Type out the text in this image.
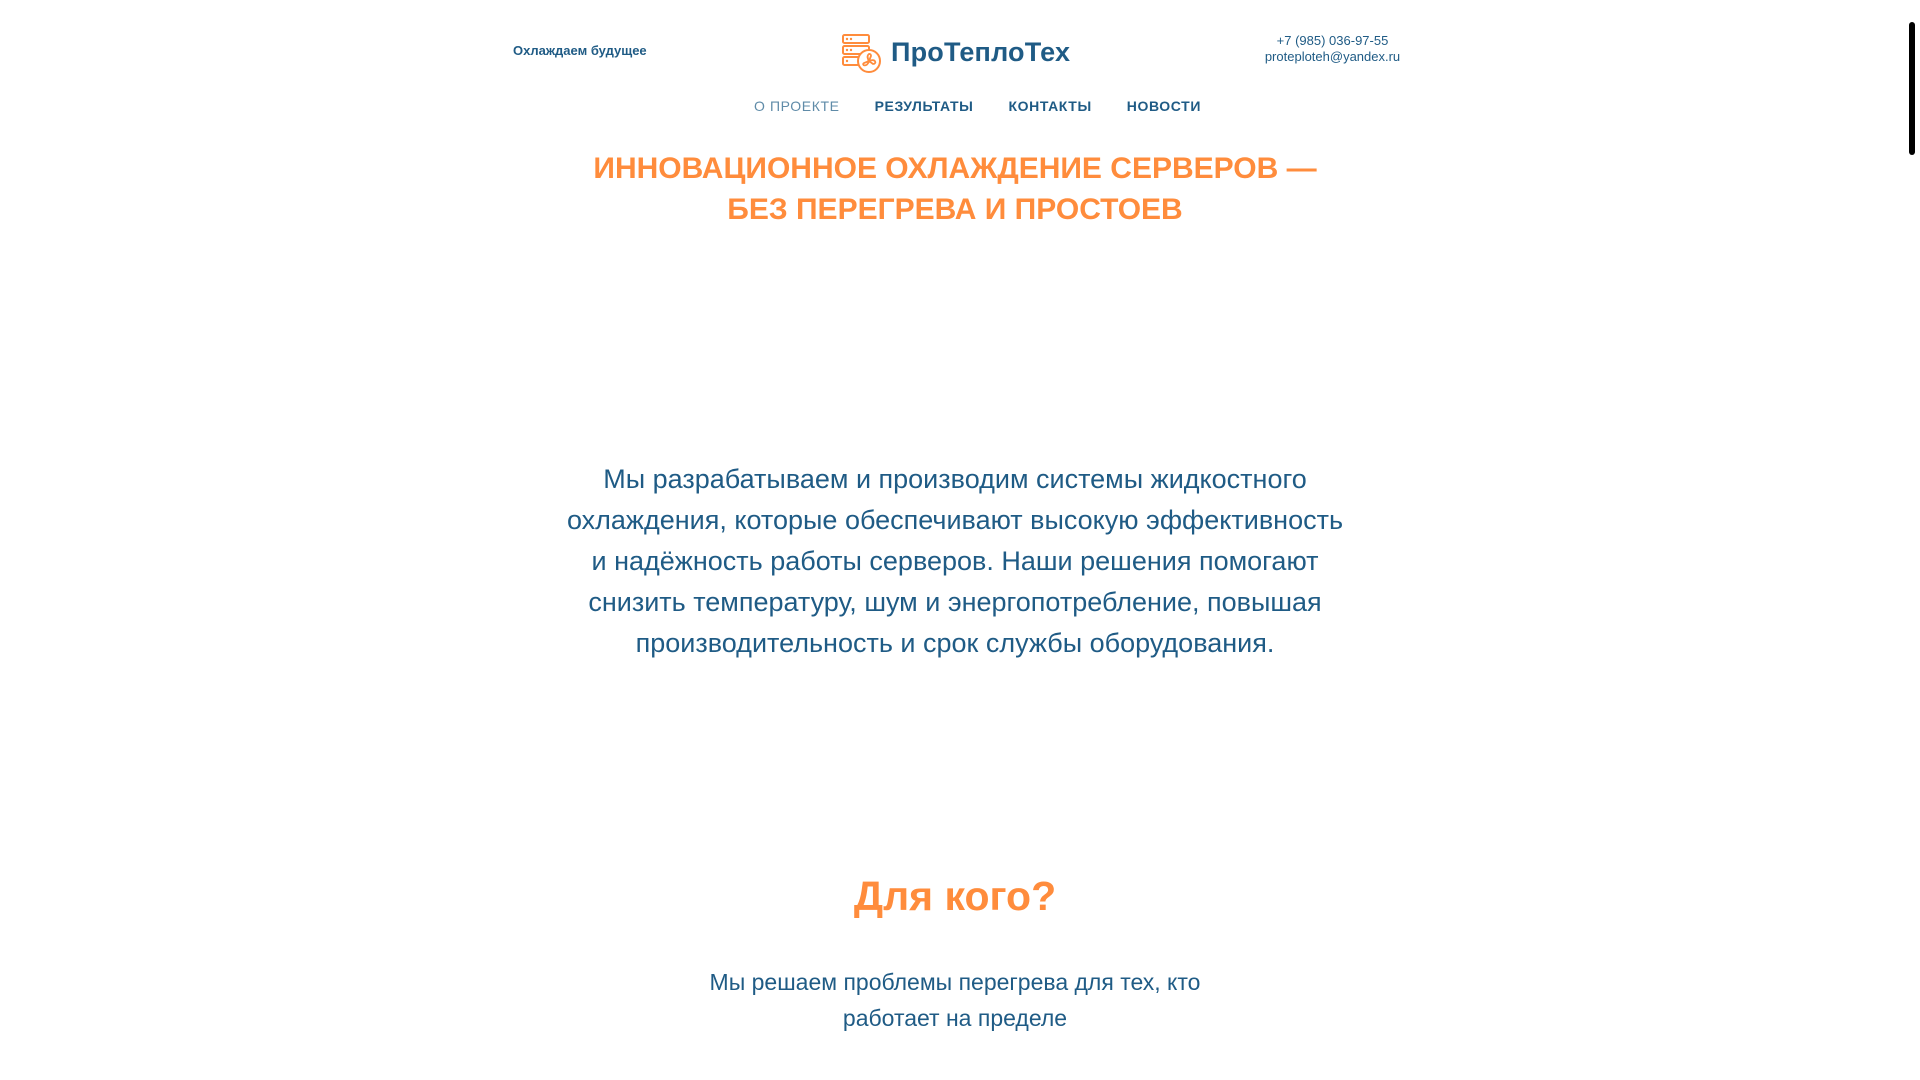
Охлаждаем будущее	ПроТеплоТех	+7 (985) 036-97-55
proteploteh@yandex.ru
О ПРОЕКТЕ	РЕЗУЛЬТАТЫ	КОНТАКТЫ	НОВОСТИ
ИННОВАЦИОННОЕ ОХЛАЖДЕНИЕ СЕРВЕРОВ —
БЕЗ ПЕРЕГРЕВА И ПРОСТОЕВ

Мы разрабатываем и производим системы жидкостного охлаждения, которые обеспечивают высокую эффективность и надёжность работы серверов. Наши решения помогают снизить температуру, шум и энергопотребление, повышая производительность и срок службы оборудования.

Для кого?

Мы решаем проблемы перегрева для тех, кто работает на пределе
